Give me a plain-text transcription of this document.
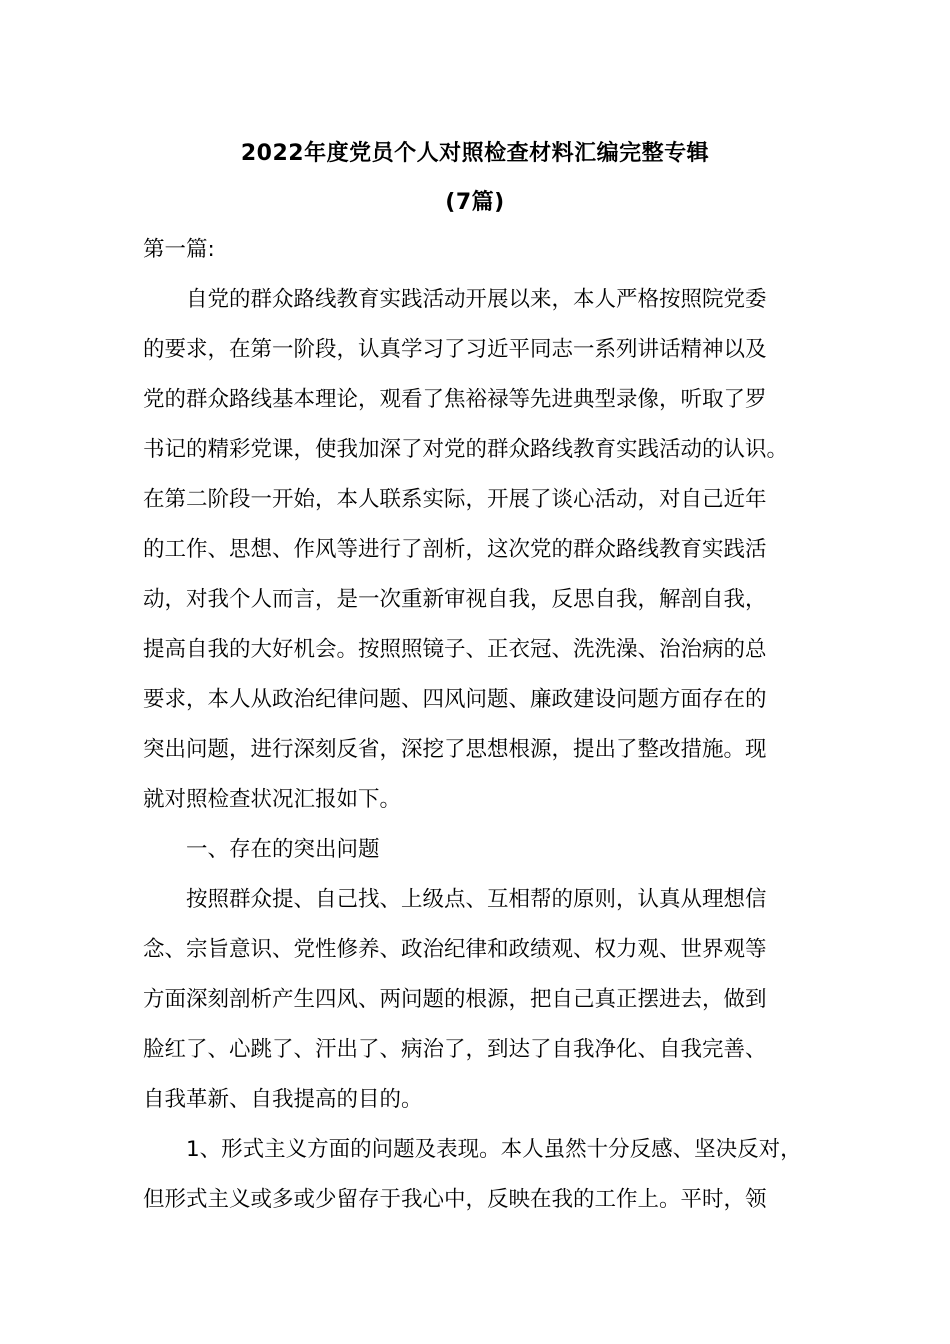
2022年度党员个人对照检查材料汇编完整专辑
(7篇)
第一篇:
　　自党的群众路线教育实践活动开展以来，本人严格按照院党委
的要求，在第一阶段，认真学习了习近平同志一系列讲话精神以及
党的群众路线基本理论，观看了焦裕禄等先进典型录像，听取了罗
书记的精彩党课，使我加深了对党的群众路线教育实践活动的认识。
在第二阶段一开始，本人联系实际，开展了谈心活动，对自己近年
的工作、思想、作风等进行了剖析，这次党的群众路线教育实践活
动，对我个人而言，是一次重新审视自我，反思自我，解剖自我，
提高自我的大好机会。按照照镜子、正衣冠、洗洗澡、治治病的总
要求，本人从政治纪律问题、四风问题、廉政建设问题方面存在的
突出问题，进行深刻反省，深挖了思想根源，提出了整改措施。现
就对照检查状况汇报如下。
　　一、存在的突出问题
　　按照群众提、自己找、上级点、互相帮的原则，认真从理想信
念、宗旨意识、党性修养、政治纪律和政绩观、权力观、世界观等
方面深刻剖析产生四风、两问题的根源，把自己真正摆进去，做到
脸红了、心跳了、汗出了、病治了，到达了自我净化、自我完善、
自我革新、自我提高的目的。
　　1、形式主义方面的问题及表现。本人虽然十分反感、坚决反对，
但形式主义或多或少留存于我心中，反映在我的工作上。平时，领
